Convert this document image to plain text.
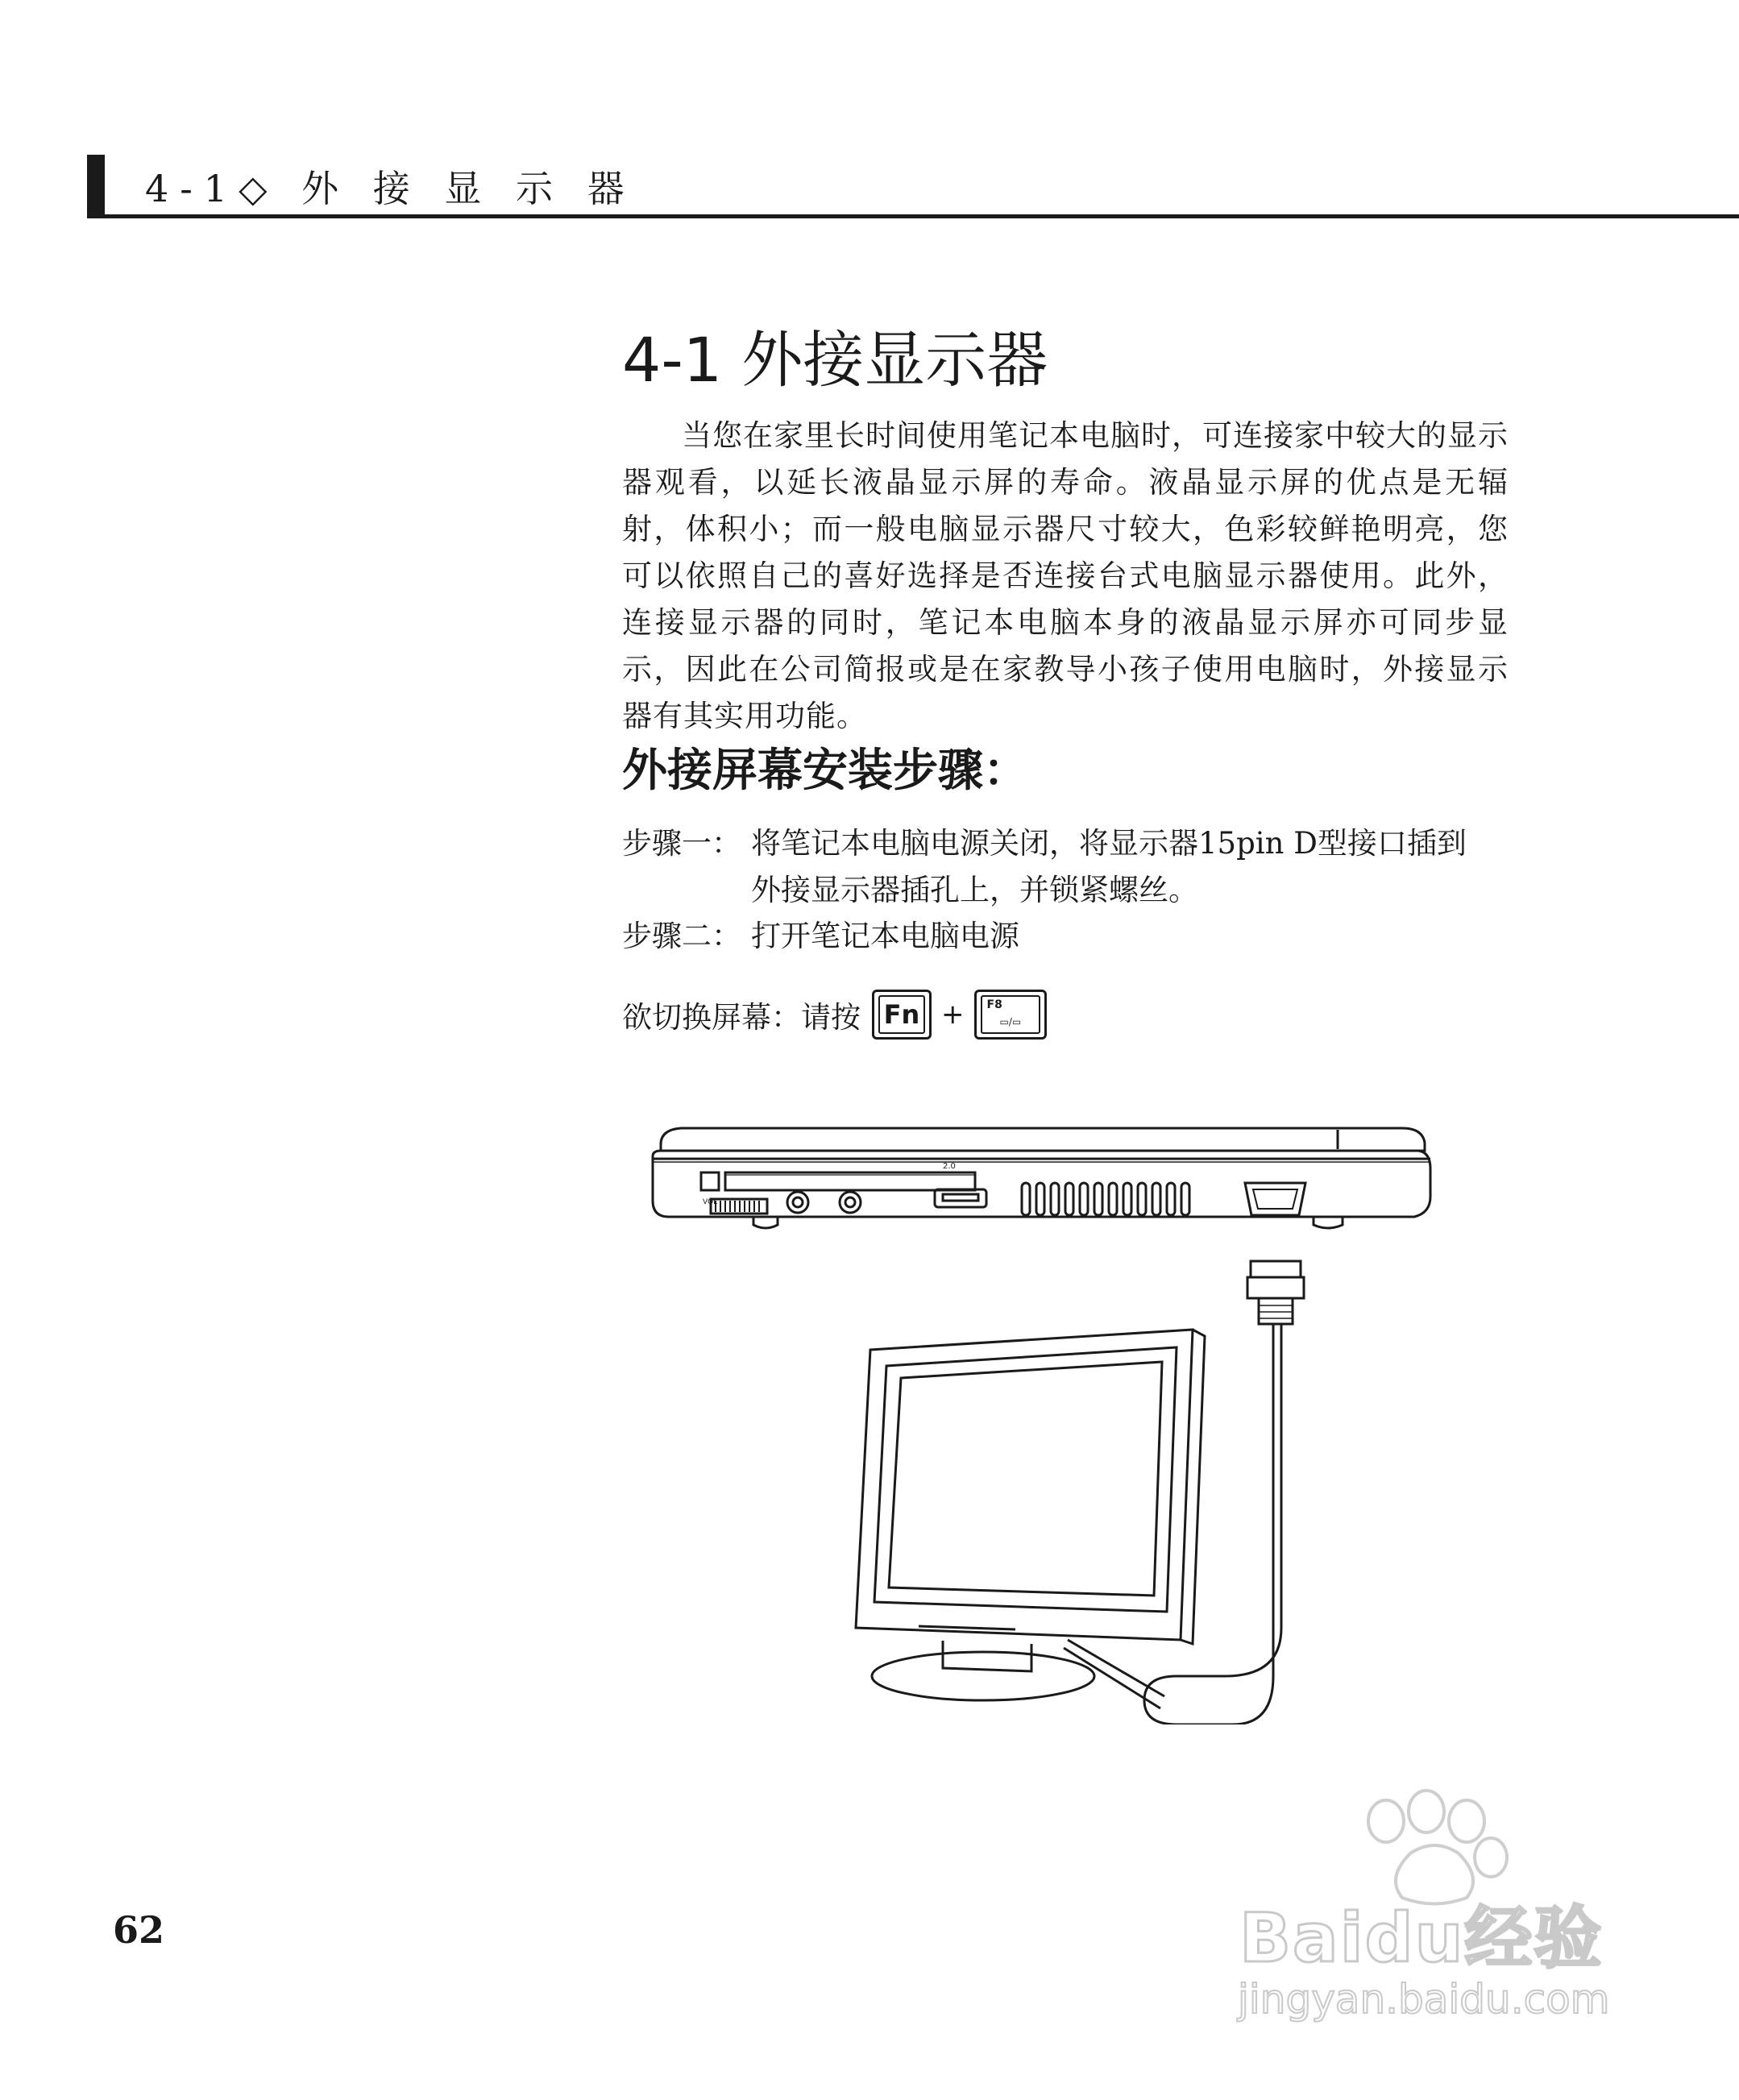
4-1◇ 外 接 显 示 器
4-1 外接显示器

当您在家里长时间使用笔记本电脑时，可连接家中较大的显示器观看，以延长液晶显示屏的寿命。液晶显示屏的优点是无辐射，体积小；而一般电脑显示器尺寸较大，色彩较鲜艳明亮，您可以依照自己的喜好选择是否连接台式电脑显示器使用。此外，连接显示器的同时，笔记本电脑本身的液晶显示屏亦可同步显示，因此在公司简报或是在家教导小孩子使用电脑时，外接显示器有其实用功能。

外接屏幕安装步骤：
步骤一： 将笔记本电脑电源关闭，将显示器15pin D型接口插到
外接显示器插孔上，并锁紧螺丝。
步骤二： 打开笔记本电脑电源
欲切换屏幕：请按 Fn + F8
▭/▭
VOL
2.0
62	Baidu经验
jingyan.baidu.com
